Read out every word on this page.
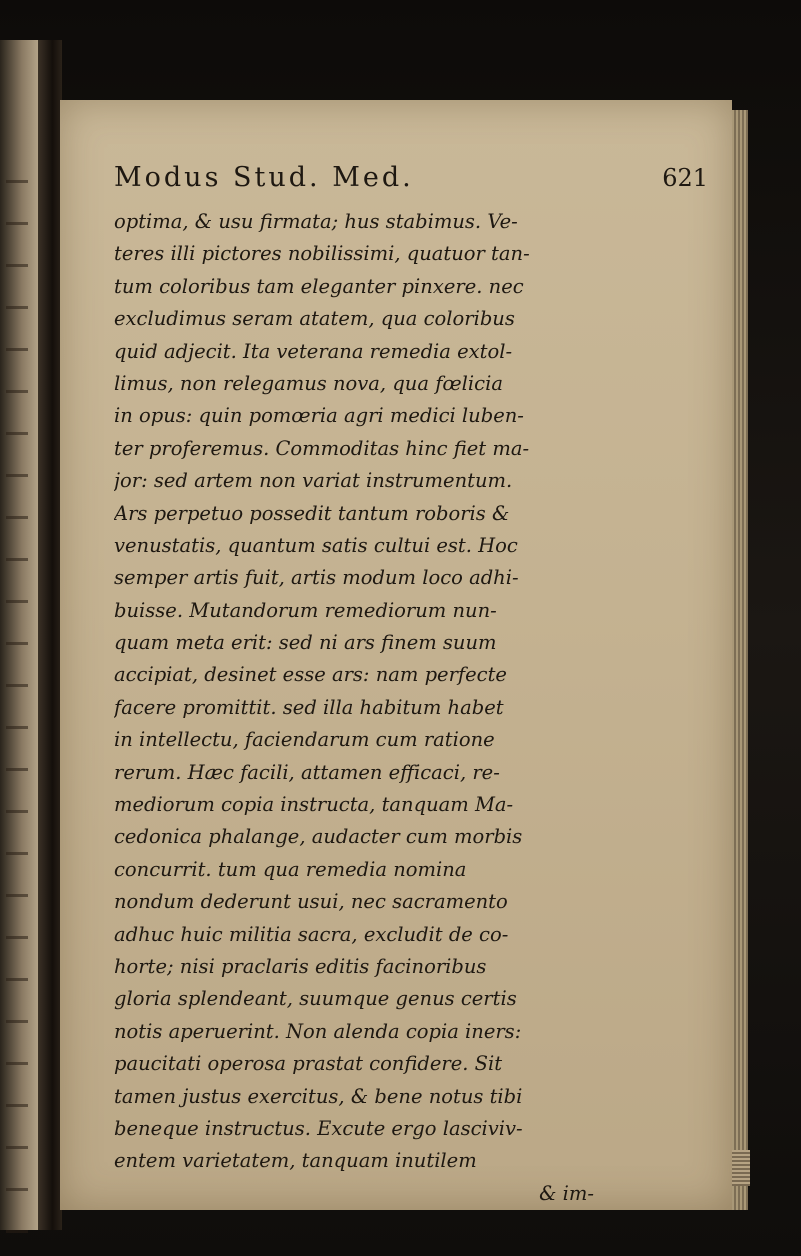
Modus Stud. Med.	621
optima, & usu firmata; hus stabimus. Ve-
teres illi pictores nobilissimi, quatuor tan-
tum coloribus tam eleganter pinxere. nec
excludimus seram atatem, qua coloribus
quid adjecit. Ita veterana remedia extol-
limus, non relegamus nova, qua fœlicia
in opus: quin pomœria agri medici luben-
ter proferemus. Commoditas hinc fiet ma-
jor: sed artem non variat instrumentum.
Ars perpetuo possedit tantum roboris &
venustatis, quantum satis cultui est. Hoc
semper artis fuit, artis modum loco adhi-
buisse. Mutandorum remediorum nun-
quam meta erit: sed ni ars finem suum
accipiat, desinet esse ars: nam perfecte
facere promittit. sed illa habitum habet
in intellectu, faciendarum cum ratione
rerum. Hæc facili, attamen efficaci, re-
mediorum copia instructa, tanquam Ma-
cedonica phalange, audacter cum morbis
concurrit. tum qua remedia nomina
nondum dederunt usui, nec sacramento
adhuc huic militia sacra, excludit de co-
horte; nisi praclaris editis facinoribus
gloria splendeant, suumque genus certis
notis aperuerint. Non alenda copia iners:
paucitati operosa prastat confidere. Sit
tamen justus exercitus, & bene notus tibi
beneque instructus. Excute ergo lasciviv-
entem varietatem, tanquam inutilem
& im-
